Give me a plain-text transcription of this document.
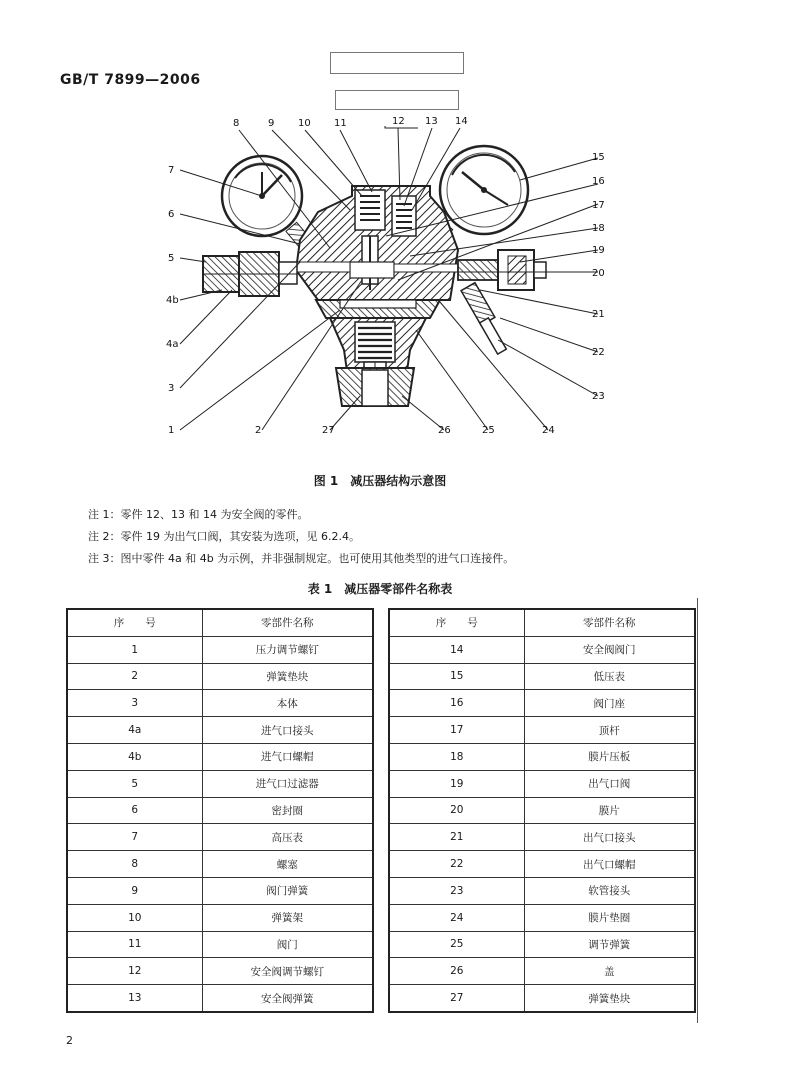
GB/T 7899—2006
1	2
3
4a
4b
5
6
7
8	9 10 11	12 13 14
15
16
17
18
19
20
21
22
23
24
25
26
27
图 1　减压器结构示意图
注 1：零件 12、13 和 14 为安全阀的零件。
注 2：零件 19 为出气口阀，其安装为选项，见 6.2.4。
注 3：图中零件 4a 和 4b 为示例，并非强制规定。也可使用其他类型的进气口连接件。
表 1　减压器零部件名称表
序　　号	零部件名称
1	压力调节螺钉
2	弹簧垫块
3	本体
4a	进气口接头
4b	进气口螺帽
5	进气口过滤器
6	密封圈
7	高压表
8	螺塞
9	阀门弹簧
10	弹簧架
11	阀门
12	安全阀调节螺钉
13	安全阀弹簧
序　　号	零部件名称
14	安全阀阀门
15	低压表
16	阀门座
17	顶杆
18	膜片压板
19	出气口阀
20	膜片
21	出气口接头
22	出气口螺帽
23	软管接头
24	膜片垫圈
25	调节弹簧
26	盖
27	弹簧垫块
2
